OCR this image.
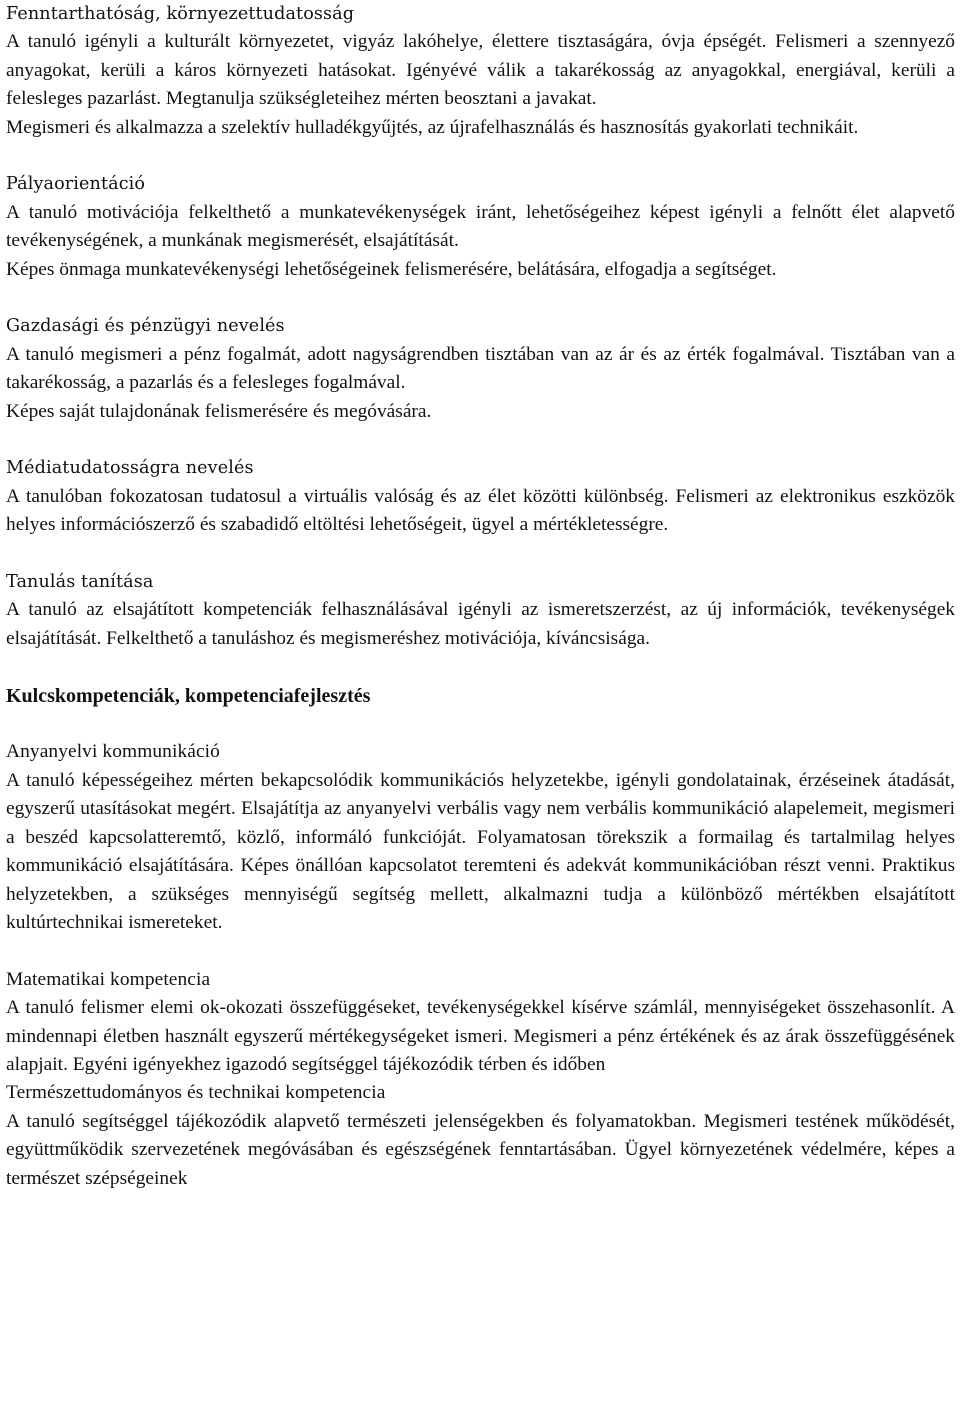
Fenntarthatóság, környezettudatosság
A tanuló igényli a kulturált környezetet, vigyáz lakóhelye, élettere tisztaságára, óvja épségét. Felismeri a szennyező anyagokat, kerüli a káros környezeti hatásokat. Igényévé válik a takarékosság az anyagokkal, energiával, kerüli a felesleges pazarlást. Megtanulja szükségleteihez mérten beosztani a javakat.
Megismeri és alkalmazza a szelektív hulladékgyűjtés, az újrafelhasználás és hasznosítás gyakorlati technikáit.
Pályaorientáció
A tanuló motivációja felkelthető a munkatevékenységek iránt, lehetőségeihez képest igényli a felnőtt élet alapvető tevékenységének, a munkának megismerését, elsajátítását.
Képes önmaga munkatevékenységi lehetőségeinek felismerésére, belátására, elfogadja a segítséget.
Gazdasági és pénzügyi nevelés
A tanuló megismeri a pénz fogalmát, adott nagyságrendben tisztában van az ár és az érték fogalmával. Tisztában van a takarékosság, a pazarlás és a felesleges fogalmával.
Képes saját tulajdonának felismerésére és megóvására.
Médiatudatosságra nevelés
A tanulóban fokozatosan tudatosul a virtuális valóság és az élet közötti különbség. Felismeri az elektronikus eszközök helyes információszerző és szabadidő eltöltési lehetőségeit, ügyel a mértékletességre.
Tanulás tanítása
A tanuló az elsajátított kompetenciák felhasználásával igényli az ismeretszerzést, az új információk, tevékenységek elsajátítását. Felkelthető a tanuláshoz és megismeréshez motivációja, kíváncsisága.
Kulcskompetenciák, kompetenciafejlesztés
Anyanyelvi kommunikáció
A tanuló képességeihez mérten bekapcsolódik kommunikációs helyzetekbe, igényli gondolatainak, érzéseinek átadását, egyszerű utasításokat megért. Elsajátítja az anyanyelvi verbális vagy nem verbális kommunikáció alapelemeit, megismeri a beszéd kapcsolatteremtő, közlő, informáló funkcióját. Folyamatosan törekszik a formailag és tartalmilag helyes kommunikáció elsajátítására. Képes önállóan kapcsolatot teremteni és adekvát kommunikációban részt venni. Praktikus helyzetekben, a szükséges mennyiségű segítség mellett, alkalmazni tudja a különböző mértékben elsajátított kultúrtechnikai ismereteket.
Matematikai kompetencia
A tanuló felismer elemi ok-okozati összefüggéseket, tevékenységekkel kísérve számlál, mennyiségeket összehasonlít. A mindennapi életben használt egyszerű mértékegységeket ismeri. Megismeri a pénz értékének és az árak összefüggésének alapjait. Egyéni igényekhez igazodó segítséggel tájékozódik térben és időben
Természettudományos és technikai kompetencia
A tanuló segítséggel tájékozódik alapvető természeti jelenségekben és folyamatokban. Megismeri testének működését, együttműködik szervezetének megóvásában és egészségének fenntartásában. Ügyel környezetének védelmére, képes a természet szépségeinek
